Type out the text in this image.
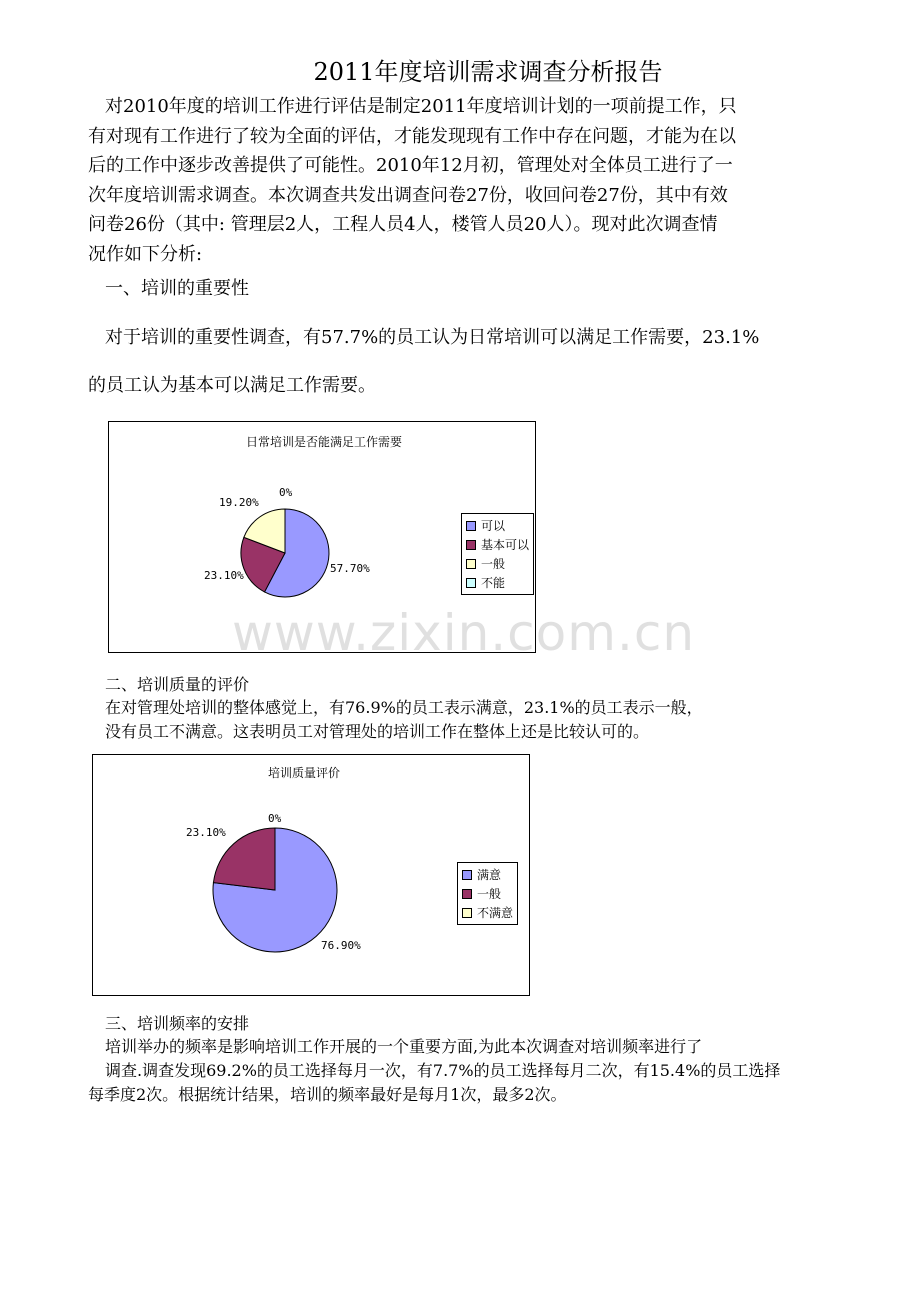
2011年度培训需求调查分析报告
对2010年度的培训工作进行评估是制定2011年度培训计划的一项前提工作，只
有对现有工作进行了较为全面的评估，才能发现现有工作中存在问题，才能为在以
后的工作中逐步改善提供了可能性。2010年12月初，管理处对全体员工进行了一
次年度培训需求调查。本次调查共发出调查问卷27份，收回问卷27份，其中有效
问卷26份（其中: 管理层2人，工程人员4人，楼管人员20人）。现对此次调查情
况作如下分析:
一、培训的重要性
对于培训的重要性调查，有57.7%的员工认为日常培训可以满足工作需要，23.1%
的员工认为基本可以满足工作需要。
日常培训是否能满足工作需要
57.70%
23.10%
19.20%
0%
可以
基本可以
一般
不能
www.zixin.com.cn
二、培训质量的评价
在对管理处培训的整体感觉上，有76.9%的员工表示满意，23.1%的员工表示一般，
没有员工不满意。这表明员工对管理处的培训工作在整体上还是比较认可的。
培训质量评价
76.90%
23.10%
0%
满意
一般
不满意
三、培训频率的安排
培训举办的频率是影响培训工作开展的一个重要方面,为此本次调查对培训频率进行了
调查.调查发现69.2%的员工选择每月一次，有7.7%的员工选择每月二次，有15.4%的员工选择
每季度2次。根据统计结果，培训的频率最好是每月1次，最多2次。
